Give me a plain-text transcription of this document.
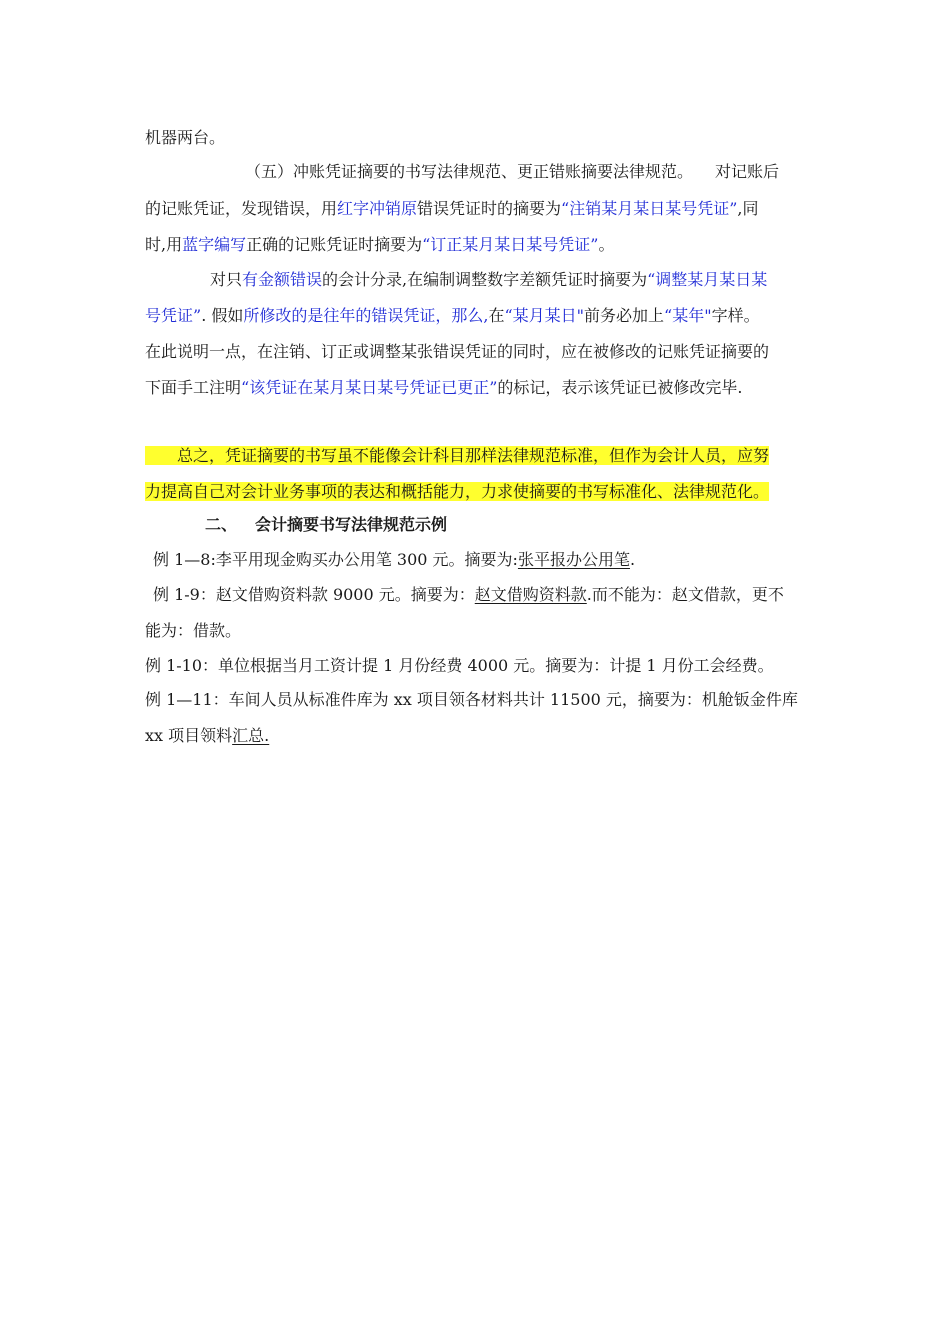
机器两台。
（五）冲账凭证摘要的书写法律规范、更正错账摘要法律规范。 对记账后
的记账凭证，发现错误，用红字冲销原错误凭证时的摘要为“注销某月某日某号凭证”,同
时,用蓝字编写正确的记账凭证时摘要为“订正某月某日某号凭证”。
对只有金额错误的会计分录,在编制调整数字差额凭证时摘要为“调整某月某日某
号凭证”. 假如所修改的是往年的错误凭证，那么,在“某月某日"前务必加上“某年"字样。
在此说明一点，在注销、订正或调整某张错误凭证的同时，应在被修改的记账凭证摘要的
下面手工注明“该凭证在某月某日某号凭证已更正”的标记，表示该凭证已被修改完毕.
总之，凭证摘要的书写虽不能像会计科目那样法律规范标准，但作为会计人员，应努
力提高自己对会计业务事项的表达和概括能力，力求使摘要的书写标准化、法律规范化。
二、 会计摘要书写法律规范示例
例 1—8:李平用现金购买办公用笔 300 元。摘要为:张平报办公用笔.
例 1-9：赵文借购资料款 9000 元。摘要为：赵文借购资料款.而不能为：赵文借款，更不
能为：借款。
例 1-10：单位根据当月工资计提 1 月份经费 4000 元。摘要为：计提 1 月份工会经费。
例 1—11：车间人员从标准件库为 xx 项目领各材料共计 11500 元，摘要为：机舱钣金件库
xx 项目领料汇总.
